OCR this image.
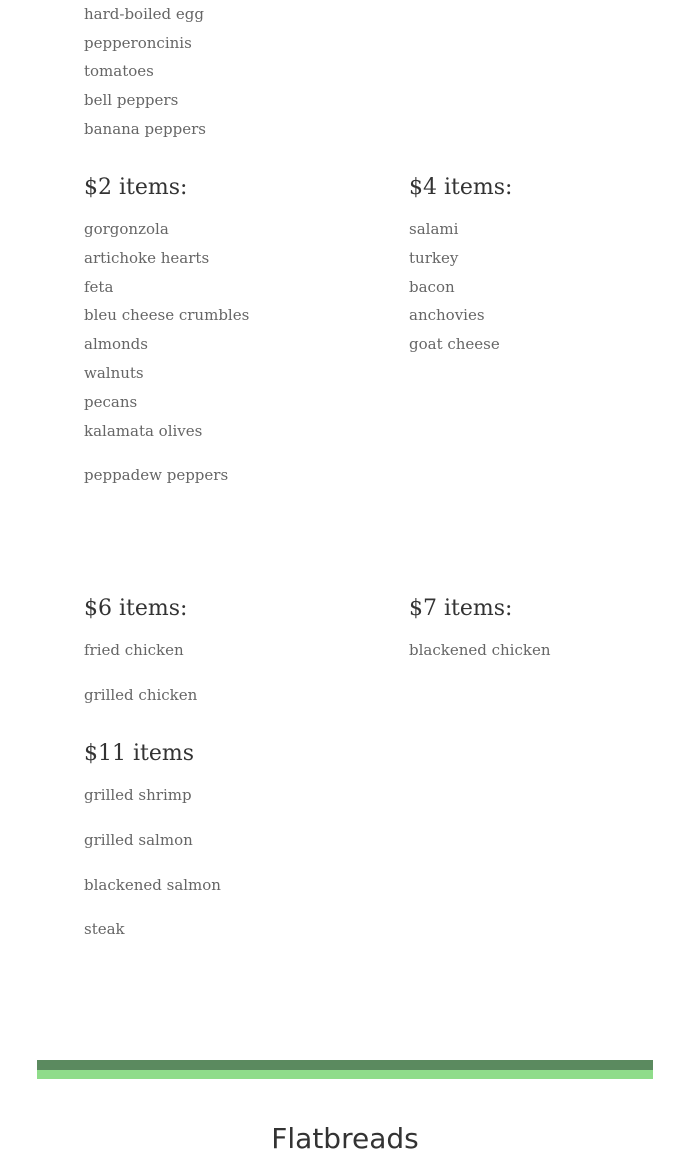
hard-boiled egg
pepperoncinis
tomatoes
bell peppers
banana peppers
$2 items:
gorgonzola
artichoke hearts
feta
bleu cheese crumbles
almonds
walnuts
pecans
kalamata olives
peppadew peppers
$4 items:
salami
turkey
bacon
anchovies
goat cheese
$6 items:
fried chicken
grilled chicken
$7 items:
blackened chicken
$11 items
grilled shrimp
grilled salmon
blackened salmon
steak
Flatbreads
